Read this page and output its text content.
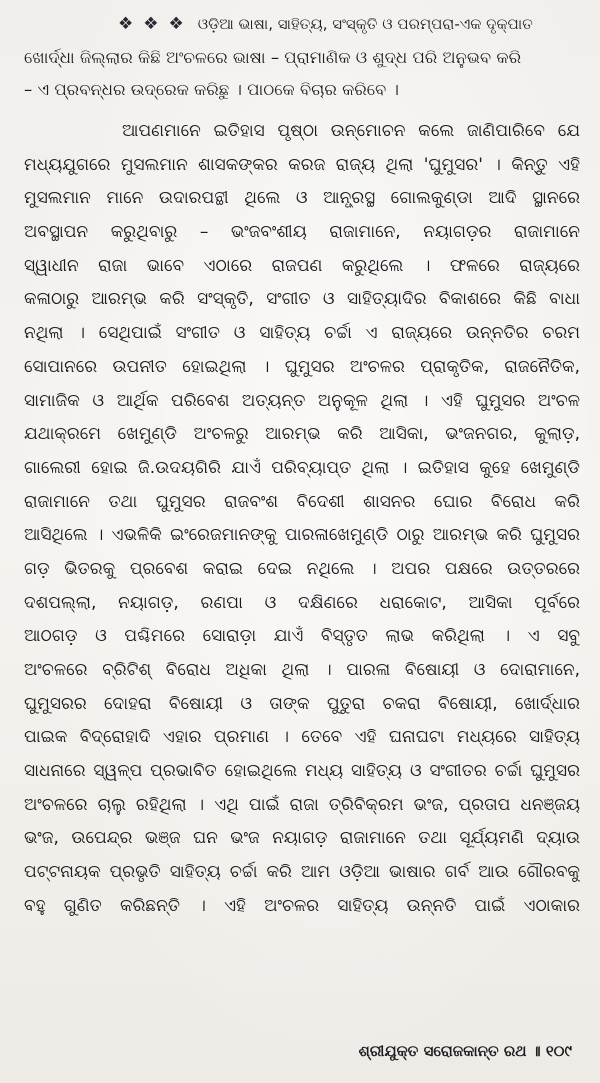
❖ ❖ ❖ ଓଡ଼ିଆ ଭାଷା, ସାହିତ୍ୟ, ସଂସ୍କୃତି ଓ ପରମ୍ପରା-ଏକ ଦୃକ୍ପାତ
ଖୋର୍ଦ୍ଧା ଜିଲ୍ଲାର କିଛି ଅଂଚଳରେ ଭାଷା – ପ୍ରାମାଣିକ ଓ ଶୁଦ୍ଧ ପରି ଅନୁଭବ କରି
– ଏ ପ୍ରବନ୍ଧର ଉଦ୍ରେକ କରିଛୁ । ପାଠକେ ବିଚାର କରିବେ ।
ଆପଣମାନେ ଇତିହାସ ପୃଷ୍ଠା ଉନ୍ମୋଚନ କଲେ ଜାଣିପାରିବେ ଯେ
ମଧ୍ୟଯୁଗରେ ମୁସଲମାନ ଶାସକଙ୍କର କରଜ ରାଜ୍ୟ ଥିଲା 'ଘୁମୁସର' । କିନ୍ତୁ ଏହି
ମୁସଲମାନ ମାନେ ଉଦାରପନ୍ଥୀ ଥିଲେ ଓ ଆନ୍ଧ୍ରସ୍ଥ ଗୋଲକୁଣ୍ଡା ଆଦି ସ୍ଥାନରେ
ଅବସ୍ଥାପନ କରୁଥିବାରୁ – ଭଂଜବଂଶୀୟ ରାଜାମାନେ, ନୟାଗଡ଼ର ରାଜାମାନେ
ସ୍ୱାଧୀନ ରାଜା ଭାବେ ଏଠାରେ ରାଜପଣ କରୁଥିଲେ । ଫଳରେ ରାଜ୍ୟରେ
କଳାଠାରୁ ଆରମ୍ଭ କରି ସଂସ୍କୃତି, ସଂଗୀତ ଓ ସାହିତ୍ୟାଦିର ବିକାଶରେ କିଛି ବାଧା
ନଥିଲା । ସେଥିପାଇଁ ସଂଗୀତ ଓ ସାହିତ୍ୟ ଚର୍ଚ୍ଚା ଏ ରାଜ୍ୟରେ ଉନ୍ନତିର ଚରମ
ସୋପାନରେ ଉପନୀତ ହୋଇଥିଲା । ଘୁମୁସର ଅଂଚଳର ପ୍ରାକୃତିକ, ରାଜନୈତିକ,
ସାମାଜିକ ଓ ଆର୍ଥିକ ପରିବେଶ ଅତ୍ୟନ୍ତ ଅନୁକୂଳ ଥିଲା । ଏହି ଘୁମୁସର ଅଂଚଳ
ଯଥାକ୍ରମେ ଖେମୁଣ୍ଡି ଅଂଚଳରୁ ଆରମ୍ଭ କରି ଆସିକା, ଭଂଜନଗର, କୁଲାଡ଼,
ଗାଲେରୀ ହୋଇ ଜି.ଉଦୟଗିରି ଯାଏଁ ପରିବ୍ୟାପ୍ତ ଥିଲା । ଇତିହାସ କୁହେ ଖେମୁଣ୍ଡି
ରାଜାମାନେ ତଥା ଘୁମୁସର ରାଜବଂଶ ବିଦେଶୀ ଶାସନର ଘୋର ବିରୋଧ କରି
ଆସିଥିଲେ । ଏଭଳିକି ଇଂରେଜମାନଙ୍କୁ ପାରଳାଖେମୁଣ୍ଡି ଠାରୁ ଆରମ୍ଭ କରି ଘୁମୁସର
ଗଡ଼ ଭିତରକୁ ପ୍ରବେଶ କରାଇ ଦେଇ ନଥିଲେ । ଅପର ପକ୍ଷରେ ଉତ୍ତରରେ
ଦଶପଲ୍ଲା, ନୟାଗଡ଼, ରଣପା ଓ ଦକ୍ଷିଣରେ ଧରାକୋଟ, ଆସିକା ପୂର୍ବରେ
ଆଠଗଡ଼ ଓ ପଶ୍ଚିମରେ ସୋରାଡ଼ା ଯାଏଁ ବିସ୍ତୃତ ଲାଭ କରିଥିଲା । ଏ ସବୁ
ଅଂଚଳରେ ବ୍ରିଟିଶ୍ ବିରୋଧ ଅଧିକା ଥିଲା । ପାରଳା ବିଷୋୟୀ ଓ ଦୋରାମାନେ,
ଘୁମୁସରର ଦୋହରା ବିଷୋୟୀ ଓ ତାଙ୍କ ପୁତୁରା ଚକରା ବିଷୋୟୀ, ଖୋର୍ଦ୍ଧାର
ପାଇକ ବିଦ୍ରୋହାଦି ଏହାର ପ୍ରମାଣ । ତେବେ ଏହି ଘନାଘଟା ମଧ୍ୟରେ ସାହିତ୍ୟ
ସାଧନାରେ ସ୍ୱଳ୍ପ ପ୍ରଭାବିତ ହୋଇଥିଲେ ମଧ୍ୟ ସାହିତ୍ୟ ଓ ସଂଗୀତର ଚର୍ଚ୍ଚା ଘୁମୁସର
ଅଂଚଳରେ ଚାଲୁ ରହିଥିଲା । ଏଥି ପାଇଁ ରାଜା ତ୍ରିବିକ୍ରମ ଭଂଜ, ପ୍ରତାପ ଧନଞ୍ଜୟ
ଭଂଜ, ଉପେନ୍ଦ୍ର ଭଞ୍ଜ ଘନ ଭଂଜ ନୟାଗଡ଼ ରାଜାମାନେ ତଥା ସୂର୍ଯ୍ୟମଣି ଦ୍ୟାଉ
ପଟ୍ଟନାୟକ ପ୍ରଭୃତି ସାହିତ୍ୟ ଚର୍ଚ୍ଚା କରି ଆମ ଓଡ଼ିଆ ଭାଷାର ଗର୍ବ ଆଉ ଗୌରବକୁ
ବହୁ ଗୁଣିତ କରିଛନ୍ତି । ଏହି ଅଂଚଳର ସାହିତ୍ୟ ଉନ୍ନତି ପାଇଁ ଏଠାକାର
ଶ୍ରୀଯୁକ୍ତ ସରୋଜକାନ୍ତ ରଥ ॥ ୧୦୯
